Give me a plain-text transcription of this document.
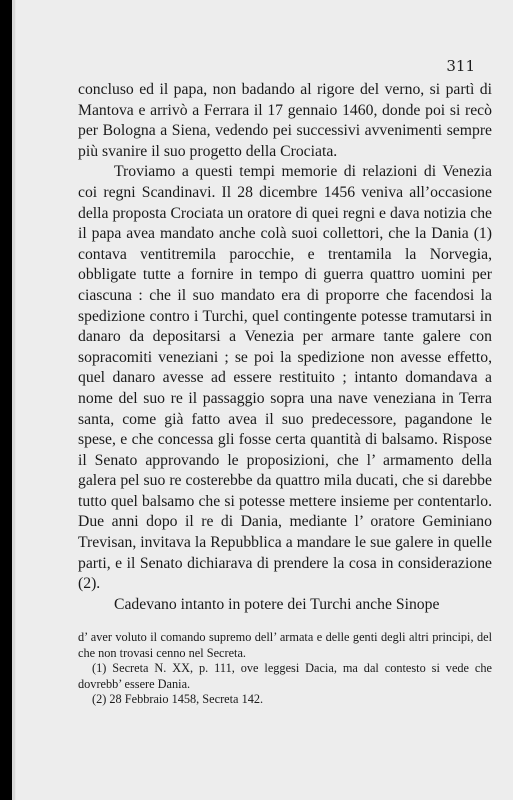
311

concluso ed il papa, non badando al rigore del verno, si partì di Mantova e arrivò a Ferrara il 17 gennaio 1460, donde poi si recò per Bologna a Siena, vedendo pei successivi avvenimenti sempre più svanire il suo progetto della Crociata.

Troviamo a questi tempi memorie di relazioni di Venezia coi regni Scandinavi. Il 28 dicembre 1456 veniva all’occasione della proposta Crociata un oratore di quei regni e dava notizia che il papa avea mandato anche colà suoi collettori, che la Dania (1) contava ventitremila parocchie, e trentamila la Norvegia, obbligate tutte a fornire in tempo di guerra quattro uomini per ciascuna : che il suo mandato era di proporre che facendosi la spedizione contro i Turchi, quel contingente potesse tramutarsi in danaro da depositarsi a Venezia per armare tante galere con sopracomiti veneziani ; se poi la spedizione non avesse effetto, quel danaro avesse ad essere restituito ; intanto domandava a nome del suo re il passaggio sopra una nave veneziana in Terra santa, come già fatto avea il suo predecessore, pagandone le spese, e che concessa gli fosse certa quantità di balsamo. Rispose il Senato approvando le proposizioni, che l’ armamento della galera pel suo re costerebbe da quattro mila ducati, che si darebbe tutto quel balsamo che si potesse mettere insieme per contentarlo. Due anni dopo il re di Dania, mediante l’ oratore Geminiano Trevisan, invitava la Repubblica a mandare le sue galere in quelle parti, e il Senato dichiarava di prendere la cosa in considerazione (2).

Cadevano intanto in potere dei Turchi anche Sinope

d’ aver voluto il comando supremo dell’ armata e delle genti degli altri principi, del che non trovasi cenno nel Secreta.

(1) Secreta N. XX, p. 111, ove leggesi Dacia, ma dal contesto si vede che dovrebb’ essere Dania.

(2) 28 Febbraio 1458, Secreta 142.
